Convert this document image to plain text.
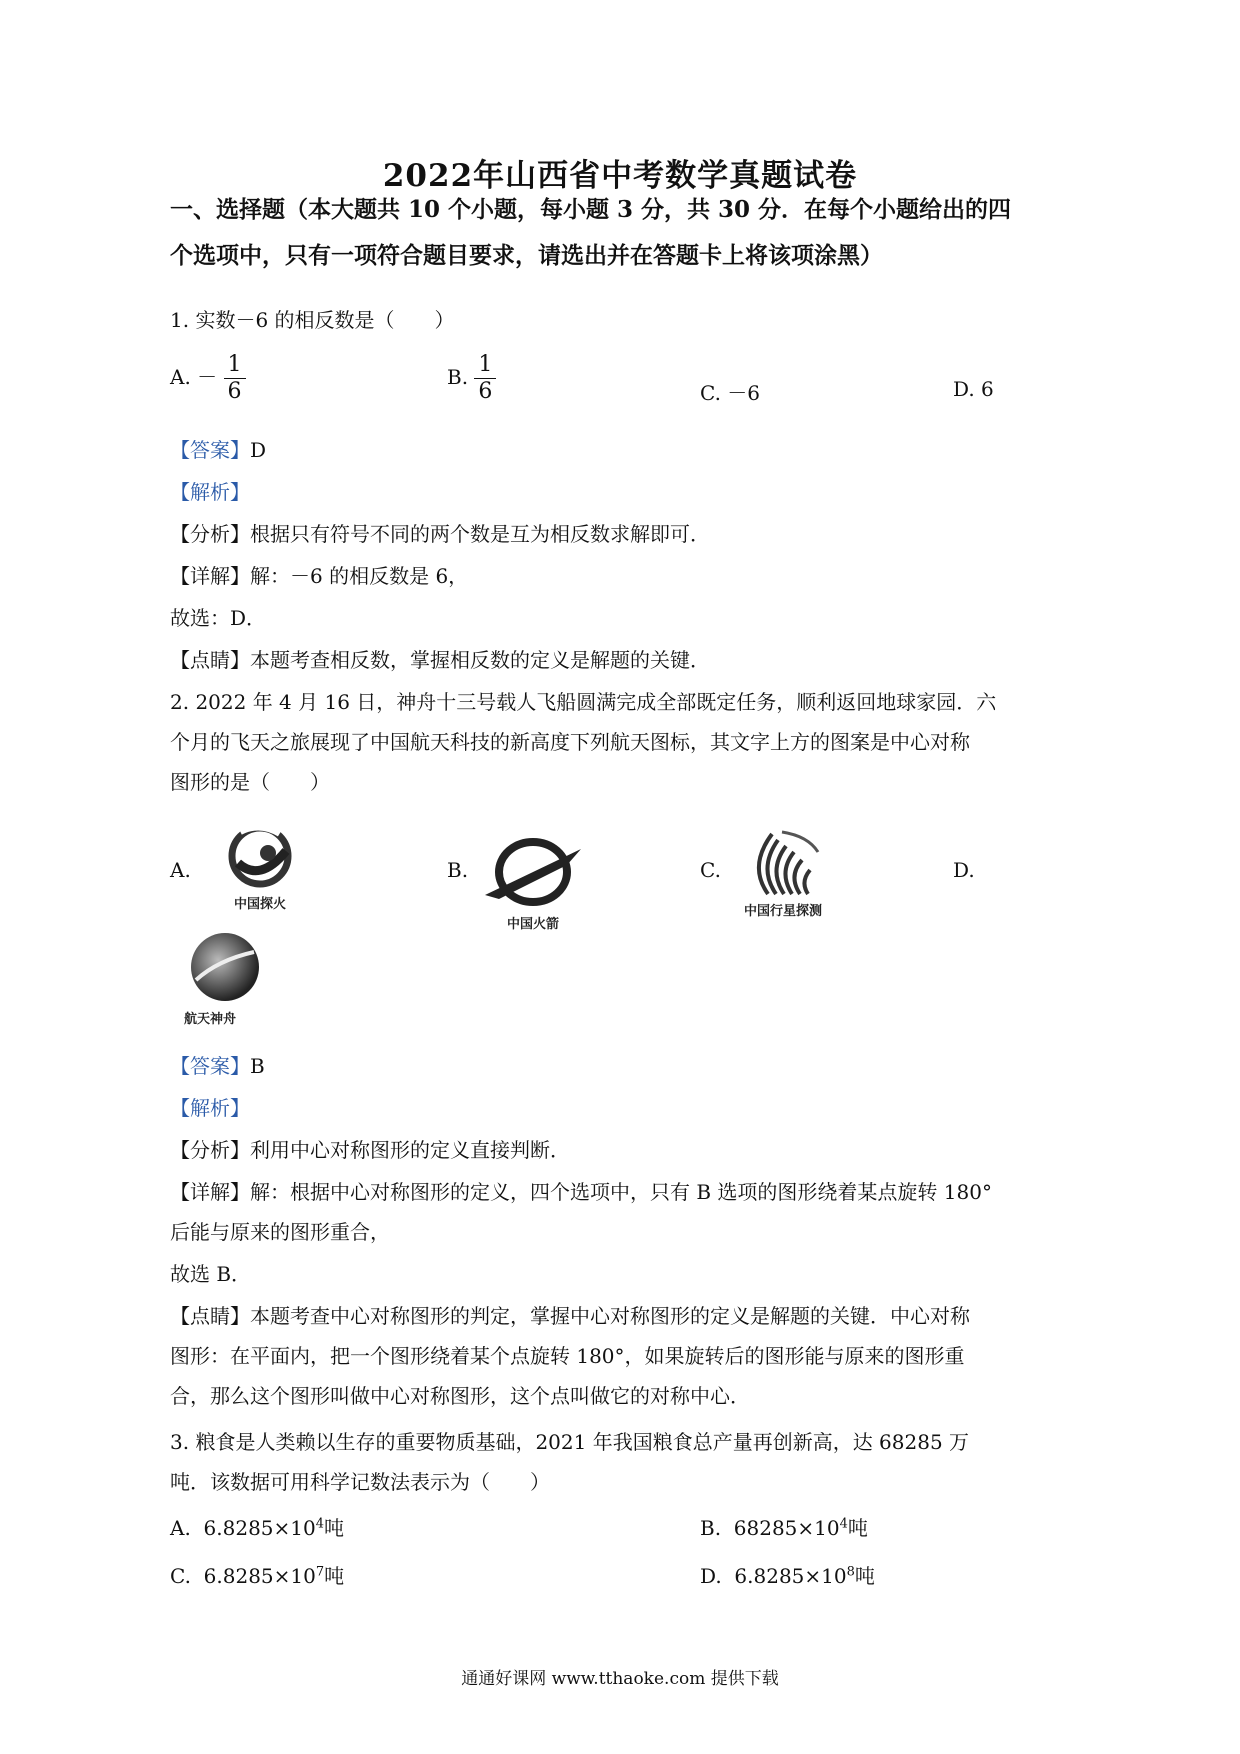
2022年山西省中考数学真题试卷
一、选择题（本大题共 10 个小题，每小题 3 分，共 30 分．在每个小题给出的四
个选项中，只有一项符合题目要求，请选出并在答题卡上将该项涂黑）
1. 实数－6 的相反数是（　　）
A. － $\frac{1}{6}$	B. $\frac{1}{6}$	C. －6	D. 6
【答案】D
【解析】
【分析】根据只有符号不同的两个数是互为相反数求解即可．
【详解】解：－6 的相反数是 6，
故选：D．
【点睛】本题考查相反数，掌握相反数的定义是解题的关键．
2. 2022 年 4 月 16 日，神舟十三号载人飞船圆满完成全部既定任务，顺利返回地球家园．六
个月的飞天之旅展现了中国航天科技的新高度下列航天图标，其文字上方的图案是中心对称
图形的是（　　）
A.	B.	C.	D.
中国探火
中国火箭
中国行星探测
航天神舟
【答案】B
【解析】
【分析】利用中心对称图形的定义直接判断．
【详解】解：根据中心对称图形的定义，四个选项中，只有 B 选项的图形绕着某点旋转 180°
后能与原来的图形重合，
故选 B．
【点睛】本题考查中心对称图形的判定，掌握中心对称图形的定义是解题的关键．中心对称
图形：在平面内，把一个图形绕着某个点旋转 180°，如果旋转后的图形能与原来的图形重
合，那么这个图形叫做中心对称图形，这个点叫做它的对称中心．
3. 粮食是人类赖以生存的重要物质基础，2021 年我国粮食总产量再创新高，达 68285 万
吨．该数据可用科学记数法表示为（　　）
A. $6.8285\times 10^4$吨	B. $68285\times 10^4$吨
C. $6.8285\times 10^7$吨	D. $6.8285\times 10^8$吨
通通好课网 www.tthaoke.com 提供下载
